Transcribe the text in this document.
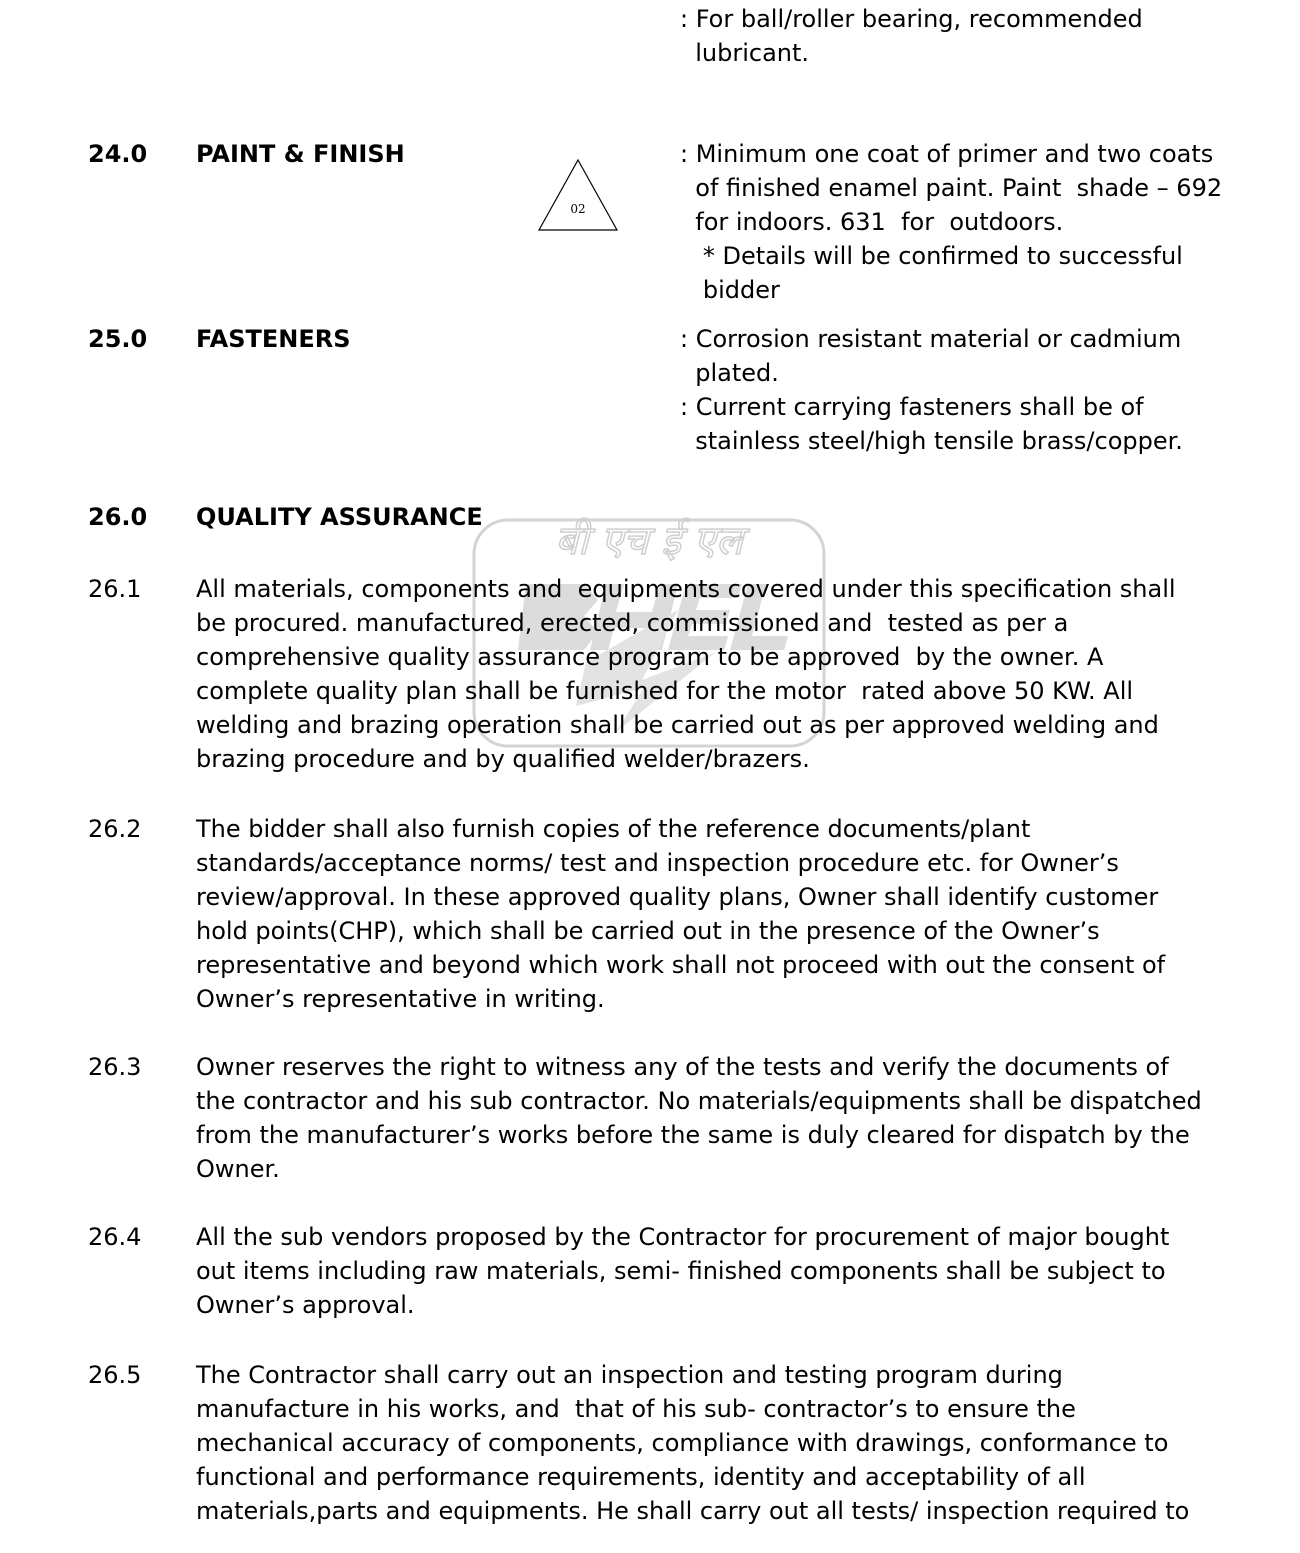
बी एच ई एल
: For ball/roller bearing, recommended
lubricant.
24.0 PAINT & FINISH	: Minimum one coat of primer and two coats
of finished enamel paint. Paint  shade – 692
for indoors. 631  for  outdoors.
* Details will be confirmed to successful
bidder
02
25.0 FASTENERS	: Corrosion resistant material or cadmium
plated.
: Current carrying fasteners shall be of
stainless steel/high tensile brass/copper.
26.0 QUALITY ASSURANCE
26.1 All materials, components and  equipments covered under this specification shall
be procured. manufactured, erected, commissioned and  tested as per a
comprehensive quality assurance program to be approved  by the owner. A
complete quality plan shall be furnished for the motor  rated above 50 KW. All
welding and brazing operation shall be carried out as per approved welding and
brazing procedure and by qualified welder/brazers.
26.2 The bidder shall also furnish copies of the reference documents/plant
standards/acceptance norms/ test and inspection procedure etc. for Owner’s
review/approval. In these approved quality plans, Owner shall identify customer
hold points(CHP), which shall be carried out in the presence of the Owner’s
representative and beyond which work shall not proceed with out the consent of
Owner’s representative in writing.
26.3 Owner reserves the right to witness any of the tests and verify the documents of
the contractor and his sub contractor. No materials/equipments shall be dispatched
from the manufacturer’s works before the same is duly cleared for dispatch by the
Owner.
26.4 All the sub vendors proposed by the Contractor for procurement of major bought
out items including raw materials, semi- finished components shall be subject to
Owner’s approval.
26.5 The Contractor shall carry out an inspection and testing program during
manufacture in his works, and  that of his sub- contractor’s to ensure the
mechanical accuracy of components, compliance with drawings, conformance to
functional and performance requirements, identity and acceptability of all
materials,parts and equipments. He shall carry out all tests/ inspection required to
